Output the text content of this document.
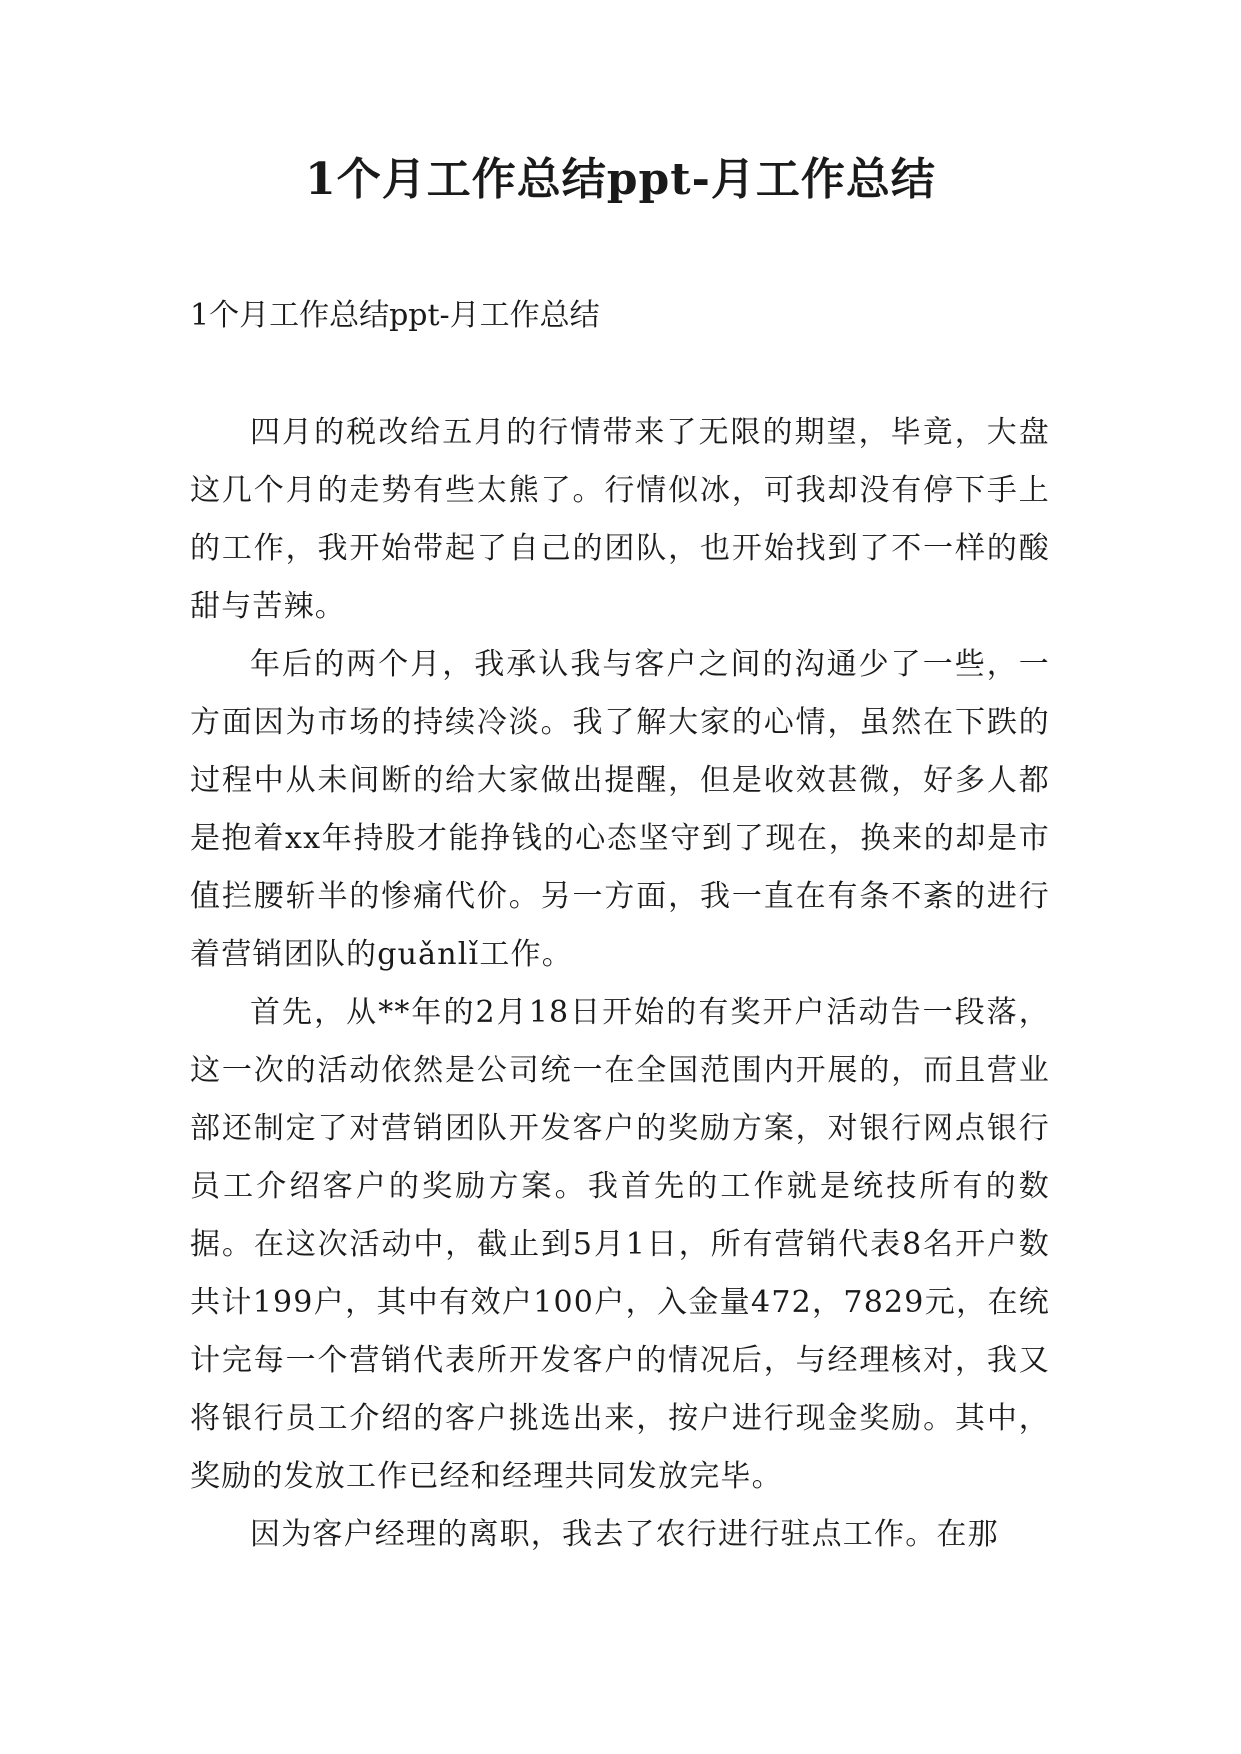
1个月工作总结ppt-月工作总结

1个月工作总结ppt-月工作总结

四月的税改给五月的行情带来了无限的期望，毕竟，大盘这几个月的走势有些太熊了。行情似冰，可我却没有停下手上的工作，我开始带起了自己的团队，也开始找到了不一样的酸甜与苦辣。

年后的两个月，我承认我与客户之间的沟通少了一些，一方面因为市场的持续冷淡。我了解大家的心情，虽然在下跌的过程中从未间断的给大家做出提醒，但是收效甚微，好多人都是抱着xx年持股才能挣钱的心态坚守到了现在，换来的却是市值拦腰斩半的惨痛代价。另一方面，我一直在有条不紊的进行着营销团队的guǎnlǐ工作。

首先，从**年的2月18日开始的有奖开户活动告一段落，这一次的活动依然是公司统一在全国范围内开展的，而且营业部还制定了对营销团队开发客户的奖励方案，对银行网点银行员工介绍客户的奖励方案。我首先的工作就是统技所有的数据。在这次活动中，截止到5月1日，所有营销代表8名开户数共计199户，其中有效户100户，入金量472，7829元，在统计完每一个营销代表所开发客户的情况后，与经理核对，我又将银行员工介绍的客户挑选出来，按户进行现金奖励。其中，奖励的发放工作已经和经理共同发放完毕。

因为客户经理的离职，我去了农行进行驻点工作。在那
